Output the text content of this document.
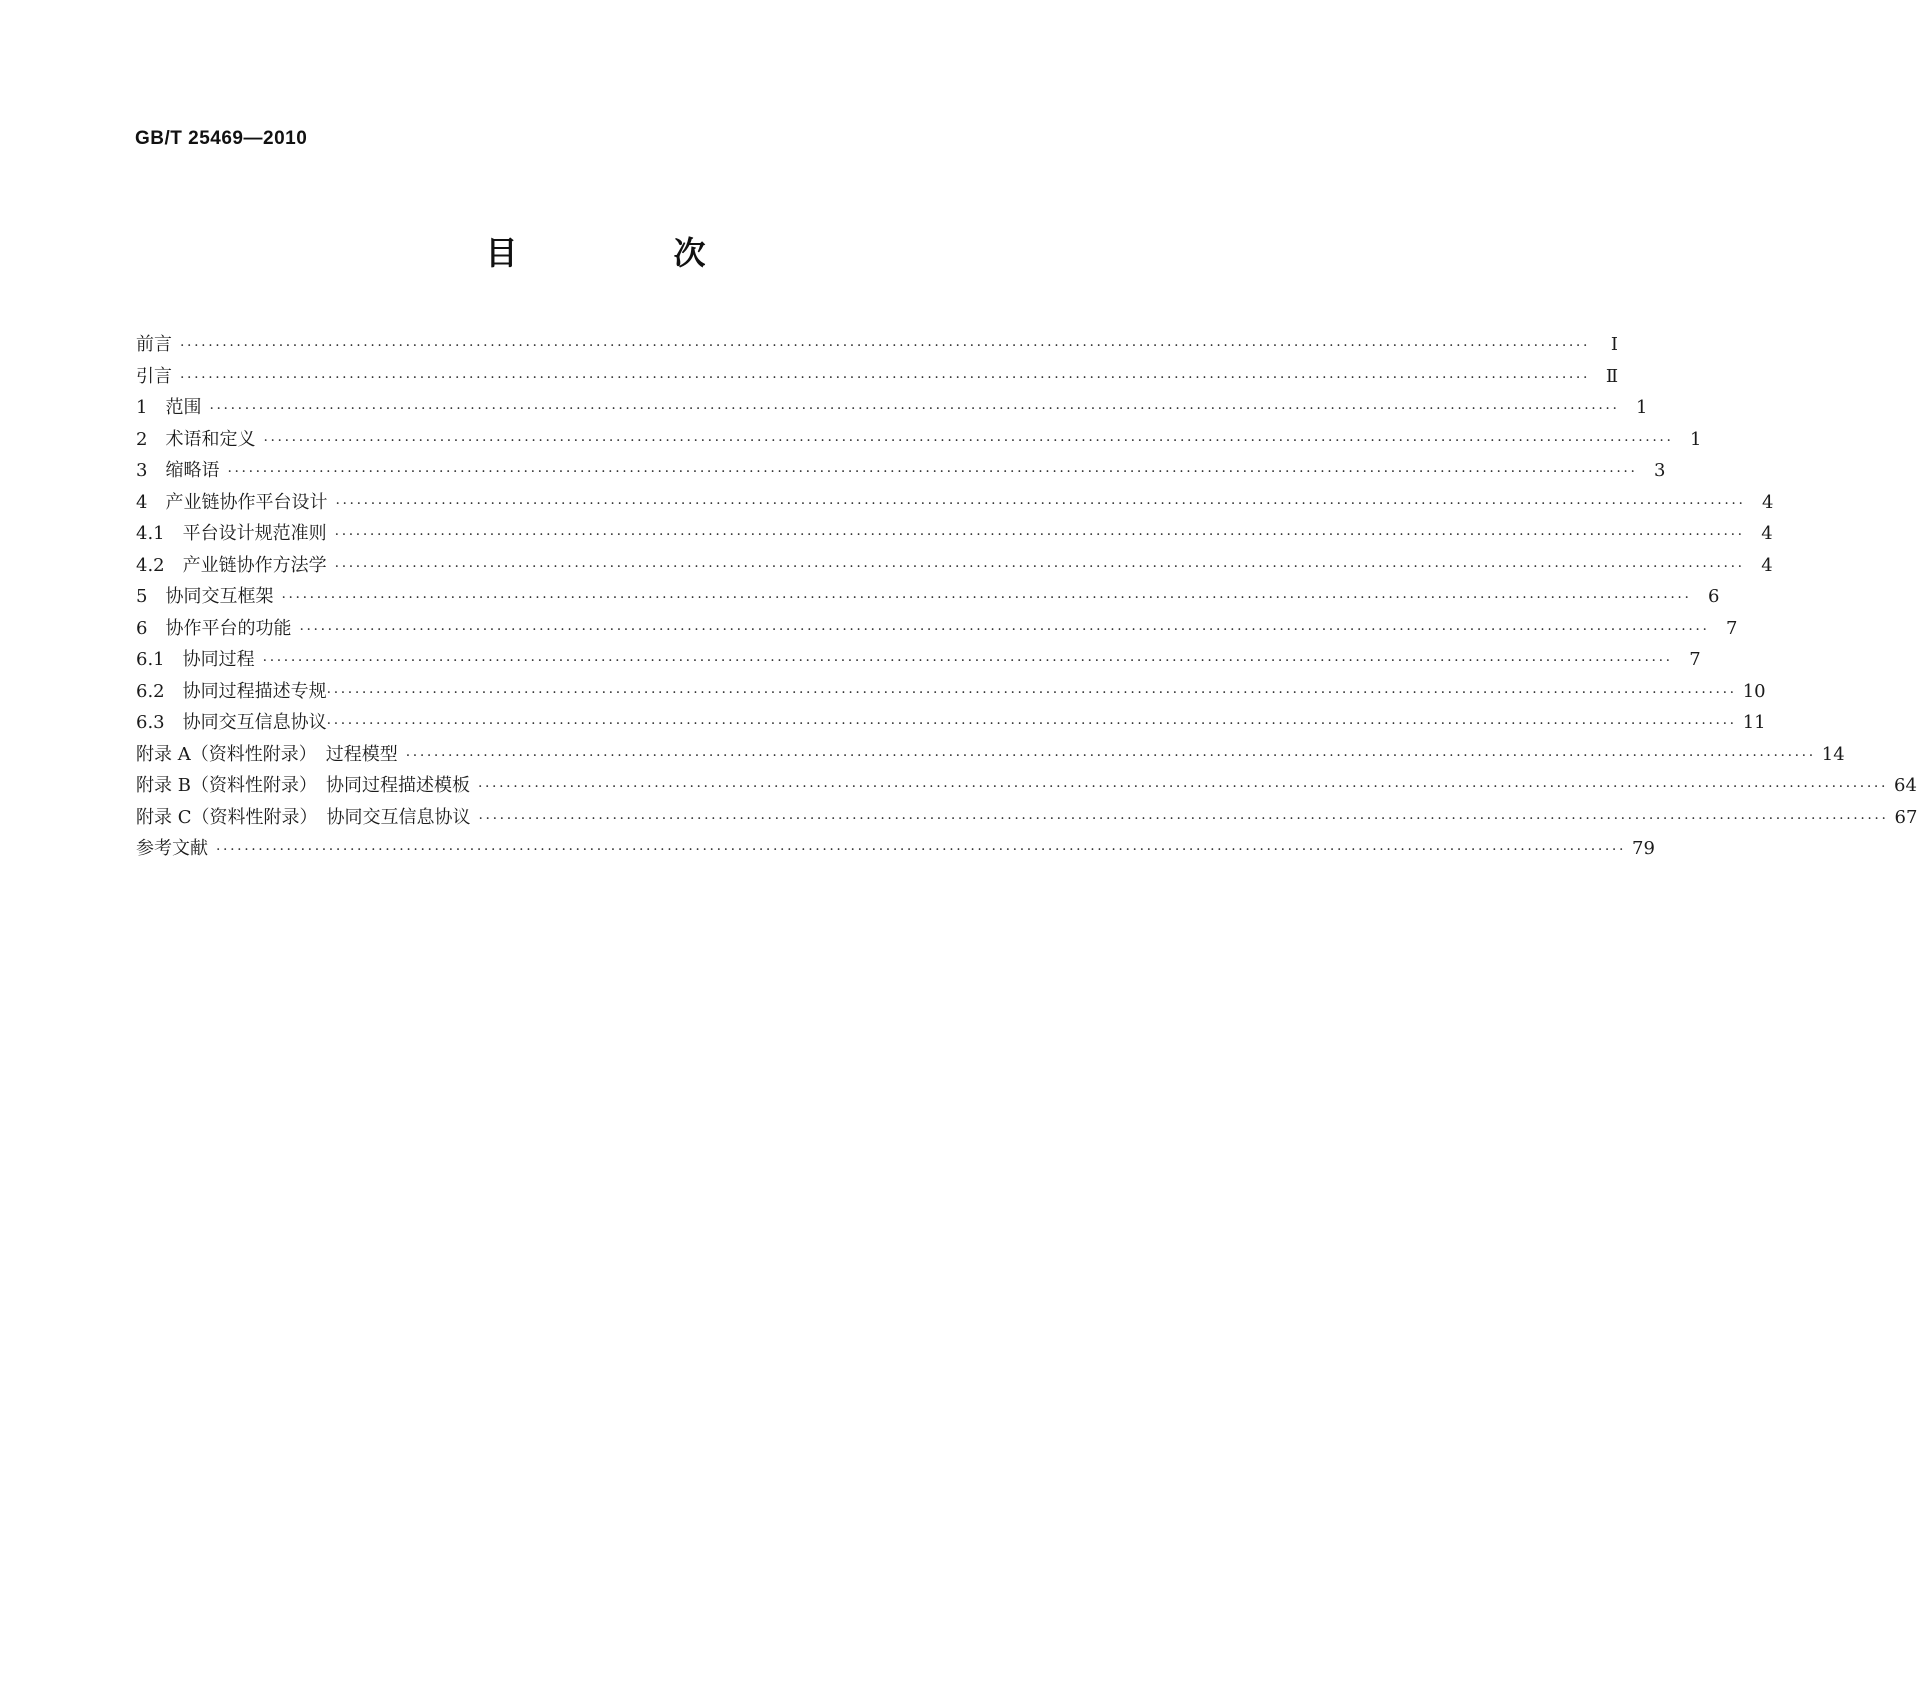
GB/T 25469—2010
目　次
前言 ········································································································································································································	Ⅰ
引言 ········································································································································································································ Ⅱ
1　范围 ········································································································································································································ 1
2　术语和定义 ········································································································································································································ 1
3　缩略语 ········································································································································································································ 3
4　产业链协作平台设计 ········································································································································································································ 4
4.1　平台设计规范准则 ········································································································································································································ 4
4.2　产业链协作方法学 ········································································································································································································ 4
5　协同交互框架 ········································································································································································································ 6
6　协作平台的功能 ········································································································································································································ 7
6.1　协同过程 ········································································································································································································ 7
6.2　协同过程描述专规 ········································································································································································································ 10
6.3　协同交互信息协议 ········································································································································································································ 11
附录 A（资料性附录）　过程模型 ········································································································································································································ 14
附录 B（资料性附录）　协同过程描述模板 ········································································································································································································ 64
附录 C（资料性附录）　协同交互信息协议 ········································································································································································································ 67
参考文献 ········································································································································································································ 79
